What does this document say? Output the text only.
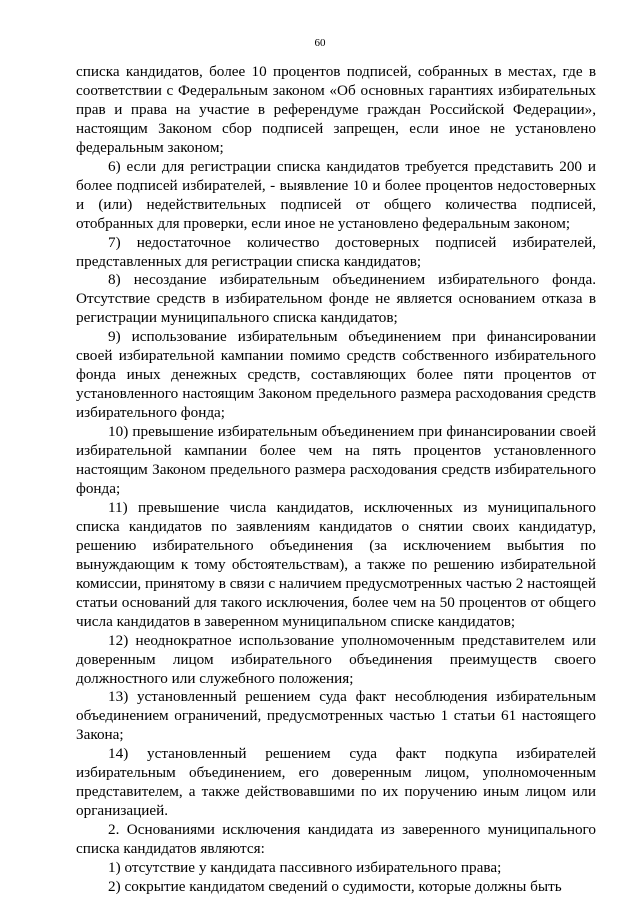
60

списка кандидатов, более 10 процентов подписей, собранных в местах, где в соответствии с Федеральным законом «Об основных гарантиях избирательных прав и права на участие в референдуме граждан Российской Федерации», настоящим Законом сбор подписей запрещен, если иное не установлено федеральным законом;

6) если для регистрации списка кандидатов требуется представить 200 и более подписей избирателей, - выявление 10 и более процентов недостоверных и (или) недействительных подписей от общего количества подписей, отобранных для проверки, если иное не установлено федеральным законом;

7) недостаточное количество достоверных подписей избирателей, представленных для регистрации списка кандидатов;

8) несоздание избирательным объединением избирательного фонда. Отсутствие средств в избирательном фонде не является основанием отказа в регистрации муниципального списка кандидатов;

9) использование избирательным объединением при финансировании своей избирательной кампании помимо средств собственного избирательного фонда иных денежных средств, составляющих более пяти процентов от установленного настоящим Законом предельного размера расходования средств избирательного фонда;

10) превышение избирательным объединением при финансировании своей избирательной кампании более чем на пять процентов установленного настоящим Законом предельного размера расходования средств избирательного фонда;

11) превышение числа кандидатов, исключенных из муниципального списка кандидатов по заявлениям кандидатов о снятии своих кандидатур, решению избирательного объединения (за исключением выбытия по вынуждающим к тому обстоятельствам), а также по решению избирательной комиссии, принятому в связи с наличием предусмотренных частью 2 настоящей статьи оснований для такого исключения, более чем на 50 процентов от общего числа кандидатов в заверенном муниципальном списке кандидатов;

12) неоднократное использование уполномоченным представителем или доверенным лицом избирательного объединения преимуществ своего должностного или служебного положения;

13) установленный решением суда факт несоблюдения избирательным объединением ограничений, предусмотренных частью 1 статьи 61 настоящего Закона;

14) установленный решением суда факт подкупа избирателей избирательным объединением, его доверенным лицом, уполномоченным представителем, а также действовавшими по их поручению иным лицом или организацией.

2. Основаниями исключения кандидата из заверенного муниципального списка кандидатов являются:

1) отсутствие у кандидата пассивного избирательного права;

2) сокрытие кандидатом сведений о судимости, которые должны быть
